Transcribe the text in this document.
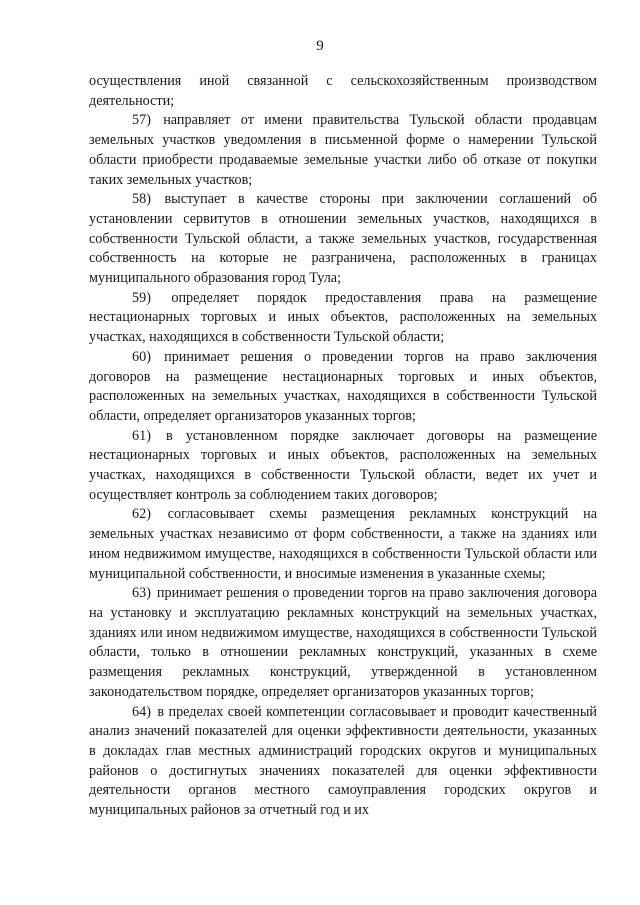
9

осуществления иной связанной с сельскохозяйственным производством деятельности;

57) направляет от имени правительства Тульской области продавцам земельных участков уведомления в письменной форме о намерении Тульской области приобрести продаваемые земельные участки либо об отказе от покупки таких земельных участков;

58) выступает в качестве стороны при заключении соглашений об установлении сервитутов в отношении земельных участков, находящихся в собственности Тульской области, а также земельных участков, государственная собственность на которые не разграничена, расположенных в границах муниципального образования город Тула;

59) определяет порядок предоставления права на размещение нестационарных торговых и иных объектов, расположенных на земельных участках, находящихся в собственности Тульской области;

60) принимает решения о проведении торгов на право заключения договоров на размещение нестационарных торговых и иных объектов, расположенных на земельных участках, находящихся в собственности Тульской области, определяет организаторов указанных торгов;

61) в установленном порядке заключает договоры на размещение нестационарных торговых и иных объектов, расположенных на земельных участках, находящихся в собственности Тульской области, ведет их учет и осуществляет контроль за соблюдением таких договоров;

62) согласовывает схемы размещения рекламных конструкций на земельных участках независимо от форм собственности, а также на зданиях или ином недвижимом имуществе, находящихся в собственности Тульской области или муниципальной собственности, и вносимые изменения в указанные схемы;

63) принимает решения о проведении торгов на право заключения договора на установку и эксплуатацию рекламных конструкций на земельных участках, зданиях или ином недвижимом имуществе, находящихся в собственности Тульской области, только в отношении рекламных конструкций, указанных в схеме размещения рекламных конструкций, утвержденной в установленном законодательством порядке, определяет организаторов указанных торгов;

64) в пределах своей компетенции согласовывает и проводит качественный анализ значений показателей для оценки эффективности деятельности, указанных в докладах глав местных администраций городских округов и муниципальных районов о достигнутых значениях показателей для оценки эффективности деятельности органов местного самоуправления городских округов и муниципальных районов за отчетный год и их
